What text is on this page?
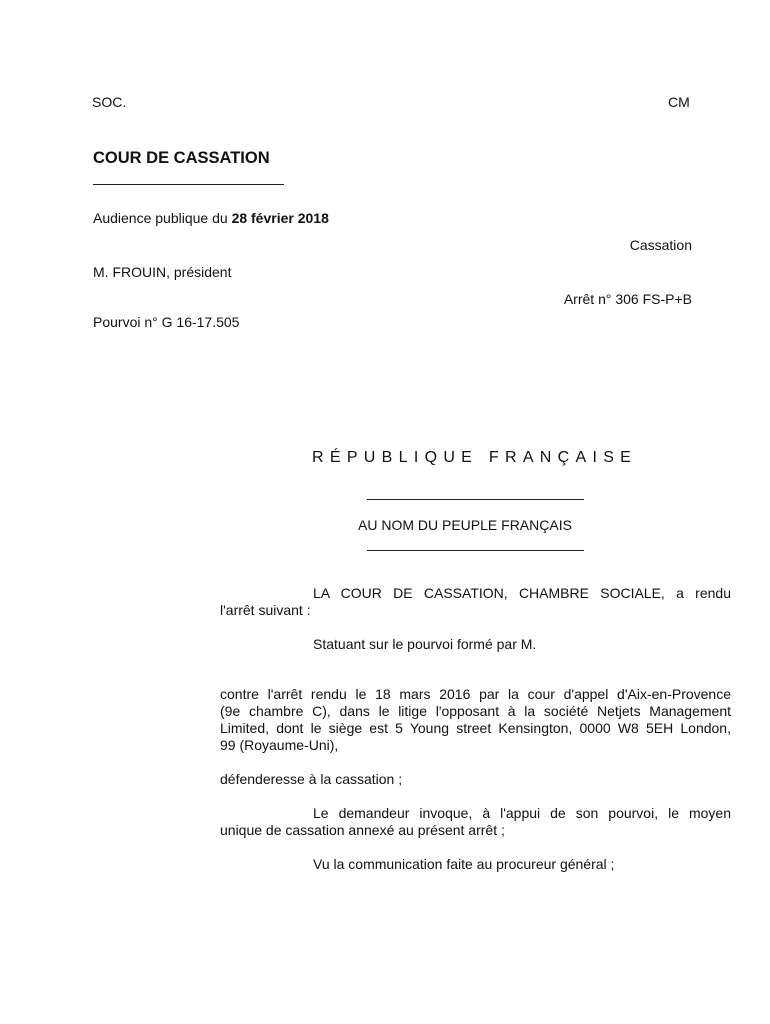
SOC.	CM
COUR DE CASSATION
Audience publique du 28 février 2018
Cassation
M. FROUIN, président
Arrêt n° 306 FS-P+B
Pourvoi n° G 16-17.505
RÉPUBLIQUE FRANÇAISE
AU NOM DU PEUPLE FRANÇAIS
LA COUR DE CASSATION, CHAMBRE SOCIALE, a rendu
l'arrêt suivant :
Statuant sur le pourvoi formé par M.
contre l'arrêt rendu le 18 mars 2016 par la cour d'appel d'Aix-en-Provence
(9e chambre C), dans le litige l'opposant à la société Netjets Management
Limited, dont le siège est 5 Young street Kensington, 0000 W8 5EH London,
99 (Royaume-Uni),
défenderesse à la cassation ;
Le demandeur invoque, à l'appui de son pourvoi, le moyen
unique de cassation annexé au présent arrêt ;
Vu la communication faite au procureur général ;
